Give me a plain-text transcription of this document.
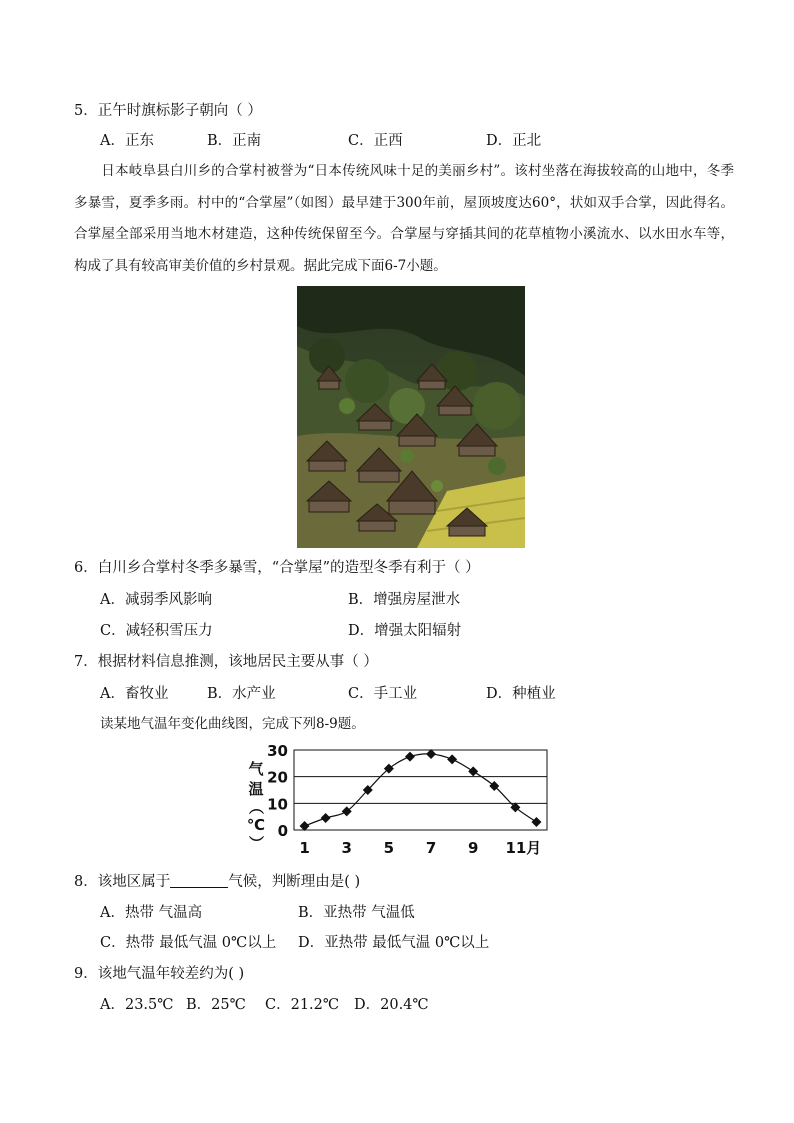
5．正午时旗标影子朝向（ ）
A．正东	B．正南	C．正西	D．正北
日本岐阜县白川乡的合掌村被誉为“日本传统风味十足的美丽乡村”。该村坐落在海拔较高的山地中，冬季多暴雪，夏季多雨。村中的“合掌屋”（如图）最早建于300年前，屋顶坡度达60°，状如双手合掌，因此得名。合掌屋全部采用当地木材建造，这种传统保留至今。合掌屋与穿插其间的花草植物小溪流水、以水田水车等，构成了具有较高审美价值的乡村景观。据此完成下面6-7小题。
6．白川乡合掌村冬季多暴雪，“合掌屋”的造型冬季有利于（ ）
A．减弱季风影响	B．增强房屋泄水
C．减轻积雪压力	D．增强太阳辐射
7．根据材料信息推测，该地居民主要从事（ ）
A．畜牧业	B．水产业	C．手工业	D．种植业
读某地气温年变化曲线图，完成下列8-9题。
0
10
20
30
1 3 5 7 9 11月
气
温
（
℃
）
8．该地区属于	气候，判断理由是( )
A．热带 气温高	B．亚热带 气温低
C．热带 最低气温 0℃以上 D．亚热带 最低气温 0℃以上
9．该地气温年较差约为( )
A．23.5℃ B．25℃ C．21.2℃ D．20.4℃
